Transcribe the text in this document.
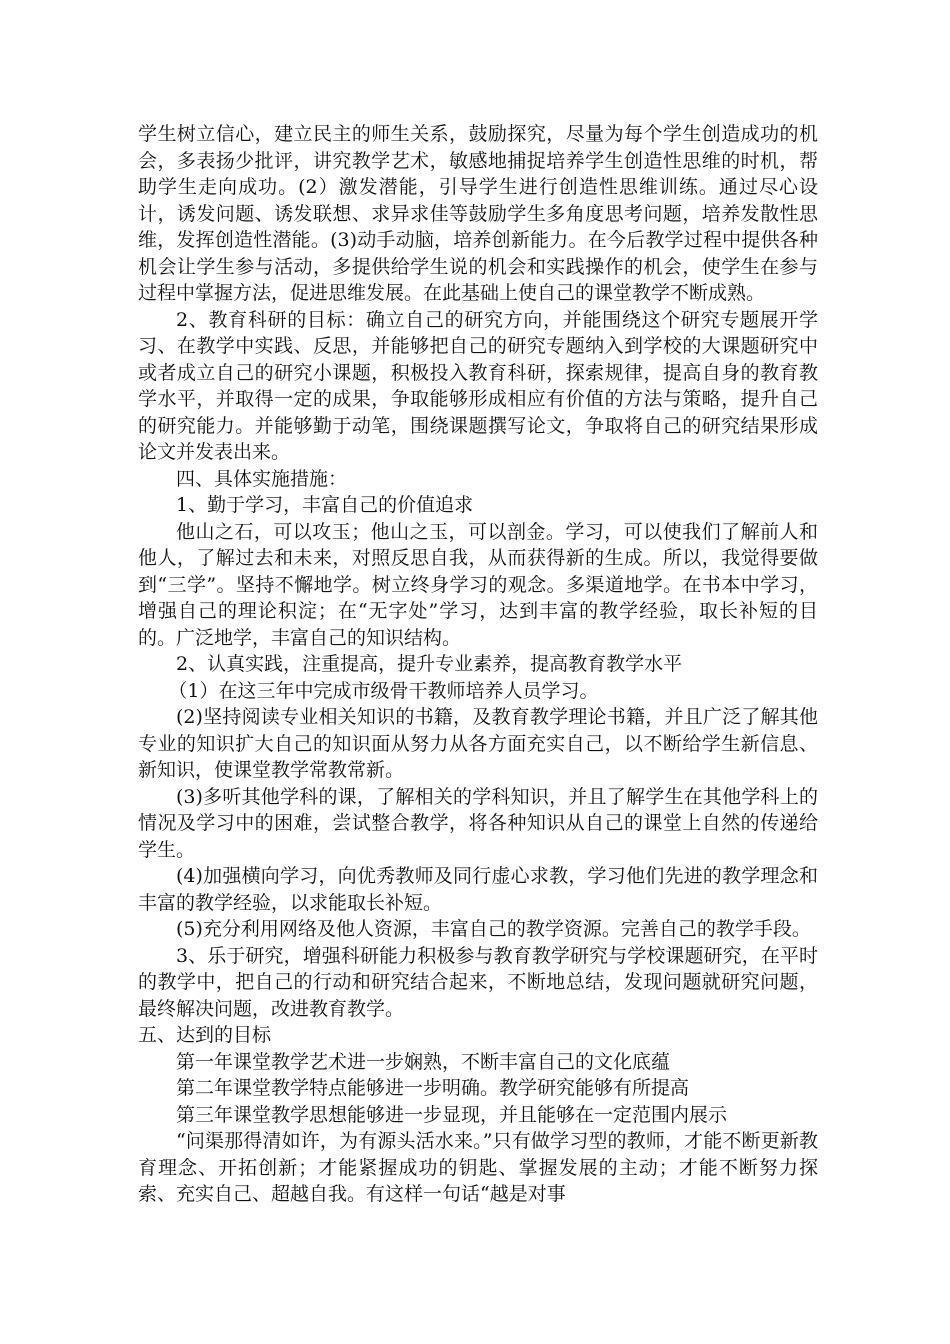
学生树立信心，建立民主的师生关系，鼓励探究，尽量为每个学生创造成功的机会，多表扬少批评，讲究教学艺术，敏感地捕捉培养学生创造性思维的时机，帮助学生走向成功。(2）激发潜能，引导学生进行创造性思维训练。通过尽心设计，诱发问题、诱发联想、求异求佳等鼓励学生多角度思考问题，培养发散性思维，发挥创造性潜能。(3)动手动脑，培养创新能力。在今后教学过程中提供各种机会让学生参与活动，多提供给学生说的机会和实践操作的机会，使学生在参与过程中掌握方法，促进思维发展。在此基础上使自己的课堂教学不断成熟。

2、教育科研的目标：确立自己的研究方向，并能围绕这个研究专题展开学习、在教学中实践、反思，并能够把自己的研究专题纳入到学校的大课题研究中或者成立自己的研究小课题，积极投入教育科研，探索规律，提高自身的教育教学水平，并取得一定的成果，争取能够形成相应有价值的方法与策略，提升自己的研究能力。并能够勤于动笔，围绕课题撰写论文，争取将自己的研究结果形成论文并发表出来。

四、具体实施措施：

1、勤于学习，丰富自己的价值追求

他山之石，可以攻玉；他山之玉，可以剖金。学习，可以使我们了解前人和他人，了解过去和未来，对照反思自我，从而获得新的生成。所以，我觉得要做到“三学”。坚持不懈地学。树立终身学习的观念。多渠道地学。在书本中学习，增强自己的理论积淀；在“无字处”学习，达到丰富的教学经验，取长补短的目的。广泛地学，丰富自己的知识结构。

2、认真实践，注重提高，提升专业素养，提高教育教学水平

（1）在这三年中完成市级骨干教师培养人员学习。

(2)坚持阅读专业相关知识的书籍，及教育教学理论书籍，并且广泛了解其他专业的知识扩大自己的知识面从努力从各方面充实自己，以不断给学生新信息、新知识，使课堂教学常教常新。

(3)多听其他学科的课，了解相关的学科知识，并且了解学生在其他学科上的情况及学习中的困难，尝试整合教学，将各种知识从自己的课堂上自然的传递给学生。

(4)加强横向学习，向优秀教师及同行虚心求教，学习他们先进的教学理念和丰富的教学经验，以求能取长补短。

(5)充分利用网络及他人资源，丰富自己的教学资源。完善自己的教学手段。

3、乐于研究，增强科研能力积极参与教育教学研究与学校课题研究，在平时的教学中，把自己的行动和研究结合起来，不断地总结，发现问题就研究问题，最终解决问题，改进教育教学。

五、达到的目标

第一年课堂教学艺术进一步娴熟，不断丰富自己的文化底蕴

第二年课堂教学特点能够进一步明确。教学研究能够有所提高

第三年课堂教学思想能够进一步显现，并且能够在一定范围内展示

“问渠那得清如许，为有源头活水来。”只有做学习型的教师，才能不断更新教育理念、开拓创新；才能紧握成功的钥匙、掌握发展的主动；才能不断努力探索、充实自己、超越自我。有这样一句话“越是对事
